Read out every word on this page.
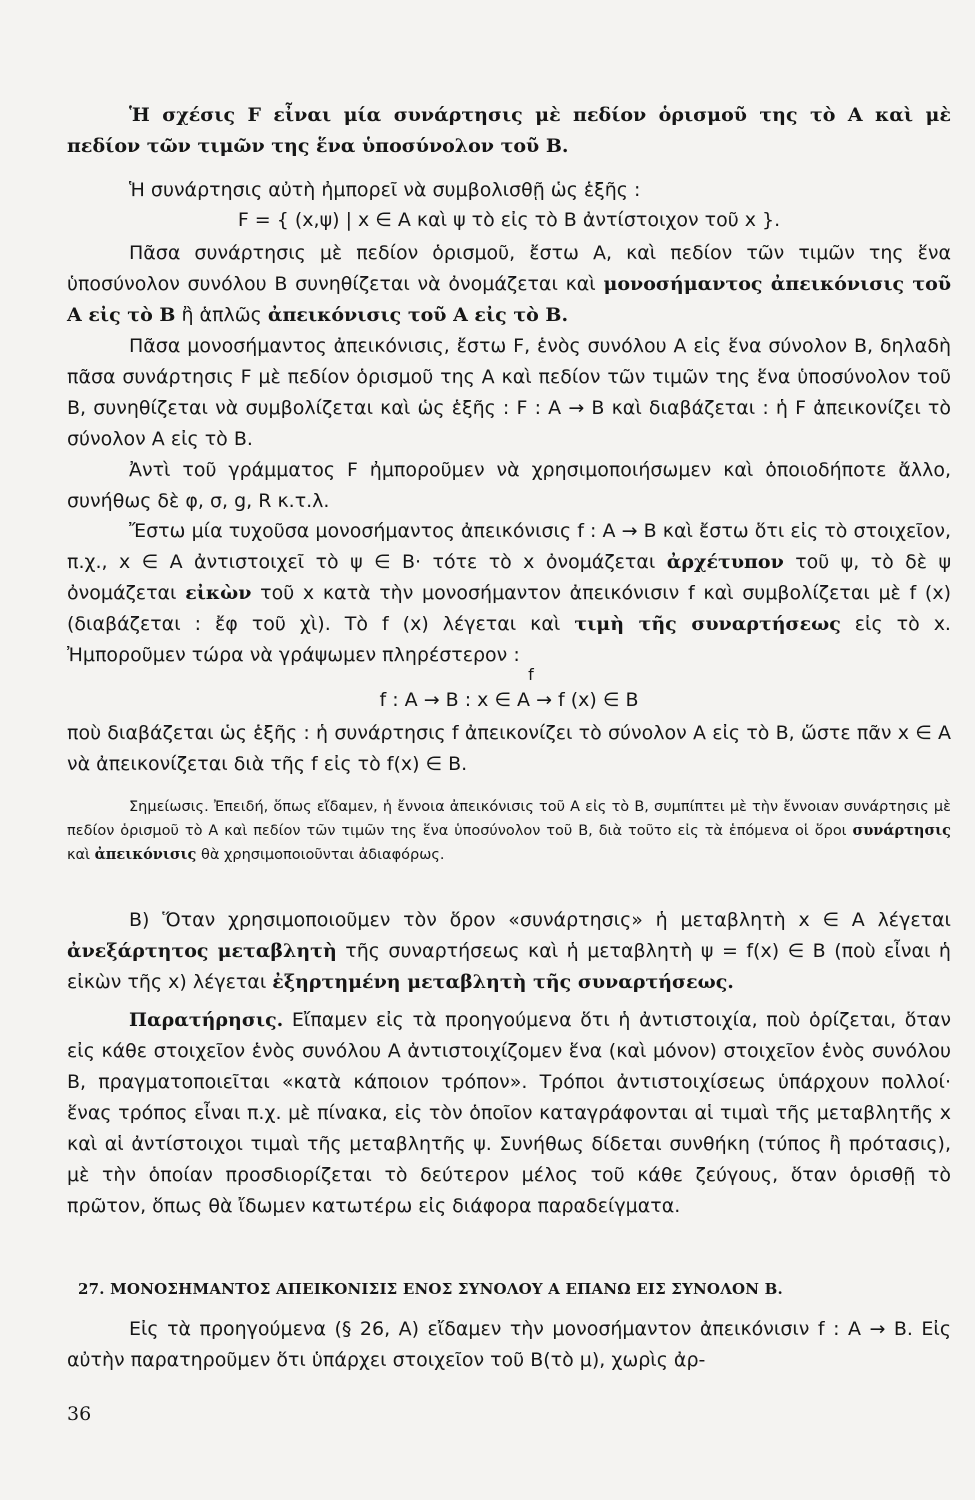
Ἡ σχέσις F εἶναι μία συνάρτησις μὲ πεδίον ὁρισμοῦ της τὸ Α καὶ μὲ πεδίον τῶν τιμῶν της ἕνα ὑποσύνολον τοῦ Β.

Ἡ συνάρτησις αὐτὴ ἠμπορεῖ νὰ συμβολισθῇ ὡς ἑξῆς :

F = { (x,ψ) | x ∈ A καὶ ψ τὸ εἰς τὸ B ἀντίστοιχον τοῦ x }.

Πᾶσα συνάρτησις μὲ πεδίον ὁρισμοῦ, ἔστω Α, καὶ πεδίον τῶν τιμῶν της ἕνα ὑποσύνολον συνόλου Β συνηθίζεται νὰ ὀνομάζεται καὶ μονοσήμαντος ἀπεικόνισις τοῦ Α εἰς τὸ Β ἢ ἁπλῶς ἀπεικόνισις τοῦ Α εἰς τὸ Β.

Πᾶσα μονοσήμαντος ἀπεικόνισις, ἔστω F, ἑνὸς συνόλου Α εἰς ἕνα σύνολον Β, δηλαδὴ πᾶσα συνάρτησις F μὲ πεδίον ὁρισμοῦ της Α καὶ πεδίον τῶν τιμῶν της ἕνα ὑποσύνολον τοῦ Β, συνηθίζεται νὰ συμβολίζεται καὶ ὡς ἑξῆς : F : A → B καὶ διαβάζεται : ἡ F ἀπεικονίζει τὸ σύνολον Α εἰς τὸ Β.

Ἀντὶ τοῦ γράμματος F ἠμποροῦμεν νὰ χρησιμοποιήσωμεν καὶ ὁποιοδήποτε ἄλλο, συνήθως δὲ φ, σ, g, R κ.τ.λ.

Ἔστω μία τυχοῦσα μονοσήμαντος ἀπεικόνισις f : A → B καὶ ἔστω ὅτι εἰς τὸ στοιχεῖον, π.χ., x ∈ A ἀντιστοιχεῖ τὸ ψ ∈ B· τότε τὸ x ὀνομάζεται ἀρχέτυπον τοῦ ψ, τὸ δὲ ψ ὀνομάζεται εἰκὼν τοῦ x κατὰ τὴν μονοσήμαντον ἀπεικόνισιν f καὶ συμβολίζεται μὲ f (x) (διαβάζεται : ἔφ τοῦ χὶ). Τὸ f (x) λέγεται καὶ τιμὴ τῆς συναρτήσεως εἰς τὸ x. Ἠμποροῦμεν τώρα νὰ γράψωμεν πληρέστερον :

f

f : A → B : x ∈ A → f (x) ∈ B

ποὺ διαβάζεται ὡς ἑξῆς : ἡ συνάρτησις f ἀπεικονίζει τὸ σύνολον Α εἰς τὸ Β, ὥστε πᾶν x ∈ A νὰ ἀπεικονίζεται διὰ τῆς f εἰς τὸ f(x) ∈ B.

Σημείωσις. Ἐπειδή, ὅπως εἴδαμεν, ἡ ἔννοια ἀπεικόνισις τοῦ Α εἰς τὸ Β, συμπίπτει μὲ τὴν ἔννοιαν συνάρτησις μὲ πεδίον ὁρισμοῦ τὸ Α καὶ πεδίον τῶν τιμῶν της ἕνα ὑποσύνολον τοῦ Β, διὰ τοῦτο εἰς τὰ ἑπόμενα οἱ ὅροι συνάρτησις καὶ ἀπεικόνισις θὰ χρησιμοποιοῦνται ἀδιαφόρως.

Β) Ὅταν χρησιμοποιοῦμεν τὸν ὅρον «συνάρτησις» ἡ μεταβλητὴ x ∈ A λέγεται ἀνεξάρτητος μεταβλητὴ τῆς συναρτήσεως καὶ ἡ μεταβλητὴ ψ = f(x) ∈ B (ποὺ εἶναι ἡ εἰκὼν τῆς x) λέγεται ἐξηρτημένη μεταβλητὴ τῆς συναρτήσεως.

Παρατήρησις. Εἴπαμεν εἰς τὰ προηγούμενα ὅτι ἡ ἀντιστοιχία, ποὺ ὁρίζεται, ὅταν εἰς κάθε στοιχεῖον ἑνὸς συνόλου Α ἀντιστοιχίζομεν ἕνα (καὶ μόνον) στοιχεῖον ἑνὸς συνόλου Β, πραγματοποιεῖται «κατὰ κάποιον τρόπον». Τρόποι ἀντιστοιχίσεως ὑπάρχουν πολλοί· ἕνας τρόπος εἶναι π.χ. μὲ πίνακα, εἰς τὸν ὁποῖον καταγράφονται αἱ τιμαὶ τῆς μεταβλητῆς x καὶ αἱ ἀντίστοιχοι τιμαὶ τῆς μεταβλητῆς ψ. Συνήθως δίδεται συνθήκη (τύπος ἢ πρότασις), μὲ τὴν ὁποίαν προσδιορίζεται τὸ δεύτερον μέλος τοῦ κάθε ζεύγους, ὅταν ὁρισθῇ τὸ πρῶτον, ὅπως θὰ ἴδωμεν κατωτέρω εἰς διάφορα παραδείγματα.

27. ΜΟΝΟΣΗΜΑΝΤΟΣ ΑΠΕΙΚΟΝΙΣΙΣ ΕΝΟΣ ΣΥΝΟΛΟΥ Α ΕΠΑΝΩ ΕΙΣ ΣΥΝΟΛΟΝ Β.

Εἰς τὰ προηγούμενα (§ 26, Α) εἴδαμεν τὴν μονοσήμαντον ἀπεικόνισιν f : A → B. Εἰς αὐτὴν παρατηροῦμεν ὅτι ὑπάρχει στοιχεῖον τοῦ Β(τὸ μ), χωρὶς ἀρ-

36
